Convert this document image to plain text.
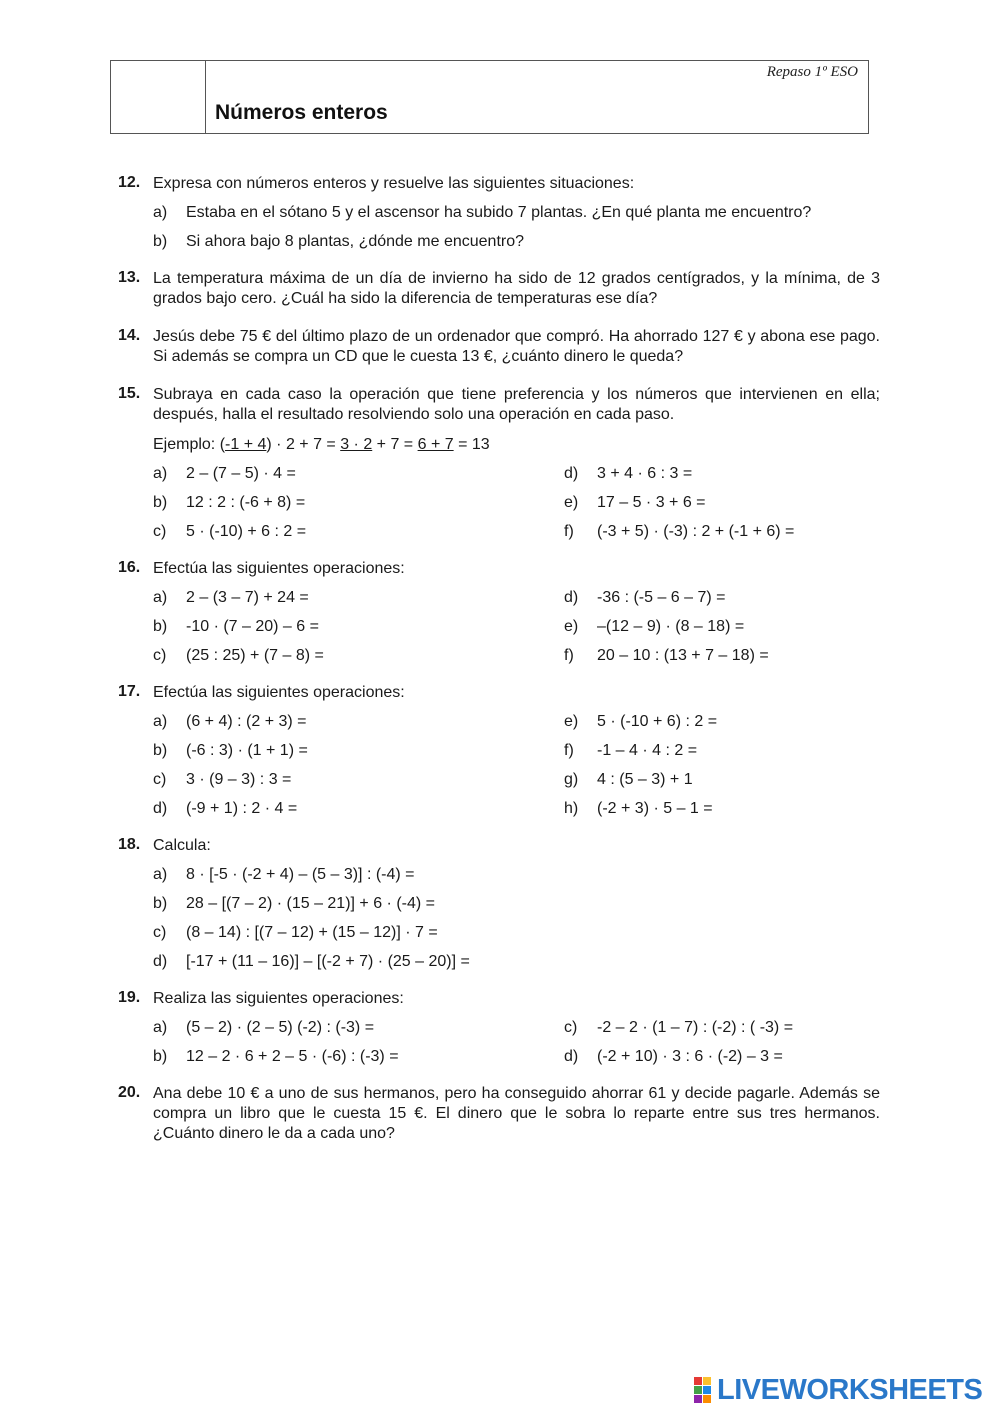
Repaso 1º ESO
Números enteros
12. Expresa con números enteros y resuelve las siguientes situaciones:
a) Estaba en el sótano 5 y el ascensor ha subido 7 plantas. ¿En qué planta me encuentro?
b) Si ahora bajo 8 plantas, ¿dónde me encuentro?
13. La temperatura máxima de un día de invierno ha sido de 12 grados centígrados, y la mínima, de 3 grados bajo cero. ¿Cuál ha sido la diferencia de temperaturas ese día?
14. Jesús debe 75 € del último plazo de un ordenador que compró. Ha ahorrado 127 € y abona ese pago. Si además se compra un CD que le cuesta 13 €, ¿cuánto dinero le queda?
15. Subraya en cada caso la operación que tiene preferencia y los números que intervienen en ella; después, halla el resultado resolviendo solo una operación en cada paso.
Ejemplo: (-1 + 4) · 2 + 7 = 3 · 2 + 7 = 6 + 7 = 13
a) 2 – (7 – 5) · 4 =	d) 3 + 4 · 6 : 3 =
b) 12 : 2 : (-6 + 8) =	e) 17 – 5 · 3 + 6 =
c) 5 · (-10) + 6 : 2 =	f) (-3 + 5) · (-3) : 2 + (-1 + 6) =
16. Efectúa las siguientes operaciones:
a) 2 – (3 – 7) + 24 =	d) -36 : (-5 – 6 – 7) =
b) -10 · (7 – 20) – 6 =	e) –(12 – 9) · (8 – 18) =
c) (25 : 25) + (7 – 8) =	f) 20 – 10 : (13 + 7 – 18) =
17. Efectúa las siguientes operaciones:
a) (6 + 4) : (2 + 3) =	e) 5 · (-10 + 6) : 2 =
b) (-6 : 3) · (1 + 1) =	f) -1 – 4 · 4 : 2 =
c) 3 · (9 – 3) : 3 =	g) 4 : (5 – 3) + 1
d) (-9 + 1) : 2 · 4 =	h) (-2 + 3) · 5 – 1 =
18. Calcula:
a) 8 · [-5 · (-2 + 4) – (5 – 3)] : (-4) =
b) 28 – [(7 – 2) · (15 – 21)] + 6 · (-4) =
c) (8 – 14) : [(7 – 12) + (15 – 12)] · 7 =
d) [-17 + (11 – 16)] – [(-2 + 7) · (25 – 20)] =
19. Realiza las siguientes operaciones:
a) (5 – 2) · (2 – 5) (-2) : (-3) =	c) -2 – 2 · (1 – 7) : (-2) : ( -3) =
b) 12 – 2 · 6 + 2 – 5 · (-6) : (-3) =	d) (-2 + 10) · 3 : 6 · (-2) – 3 =
20. Ana debe 10 € a uno de sus hermanos, pero ha conseguido ahorrar 61 y decide pagarle. Además se compra un libro que le cuesta 15 €. El dinero que le sobra lo reparte entre sus tres hermanos. ¿Cuánto dinero le da a cada uno?
LIVEWORKSHEETS
